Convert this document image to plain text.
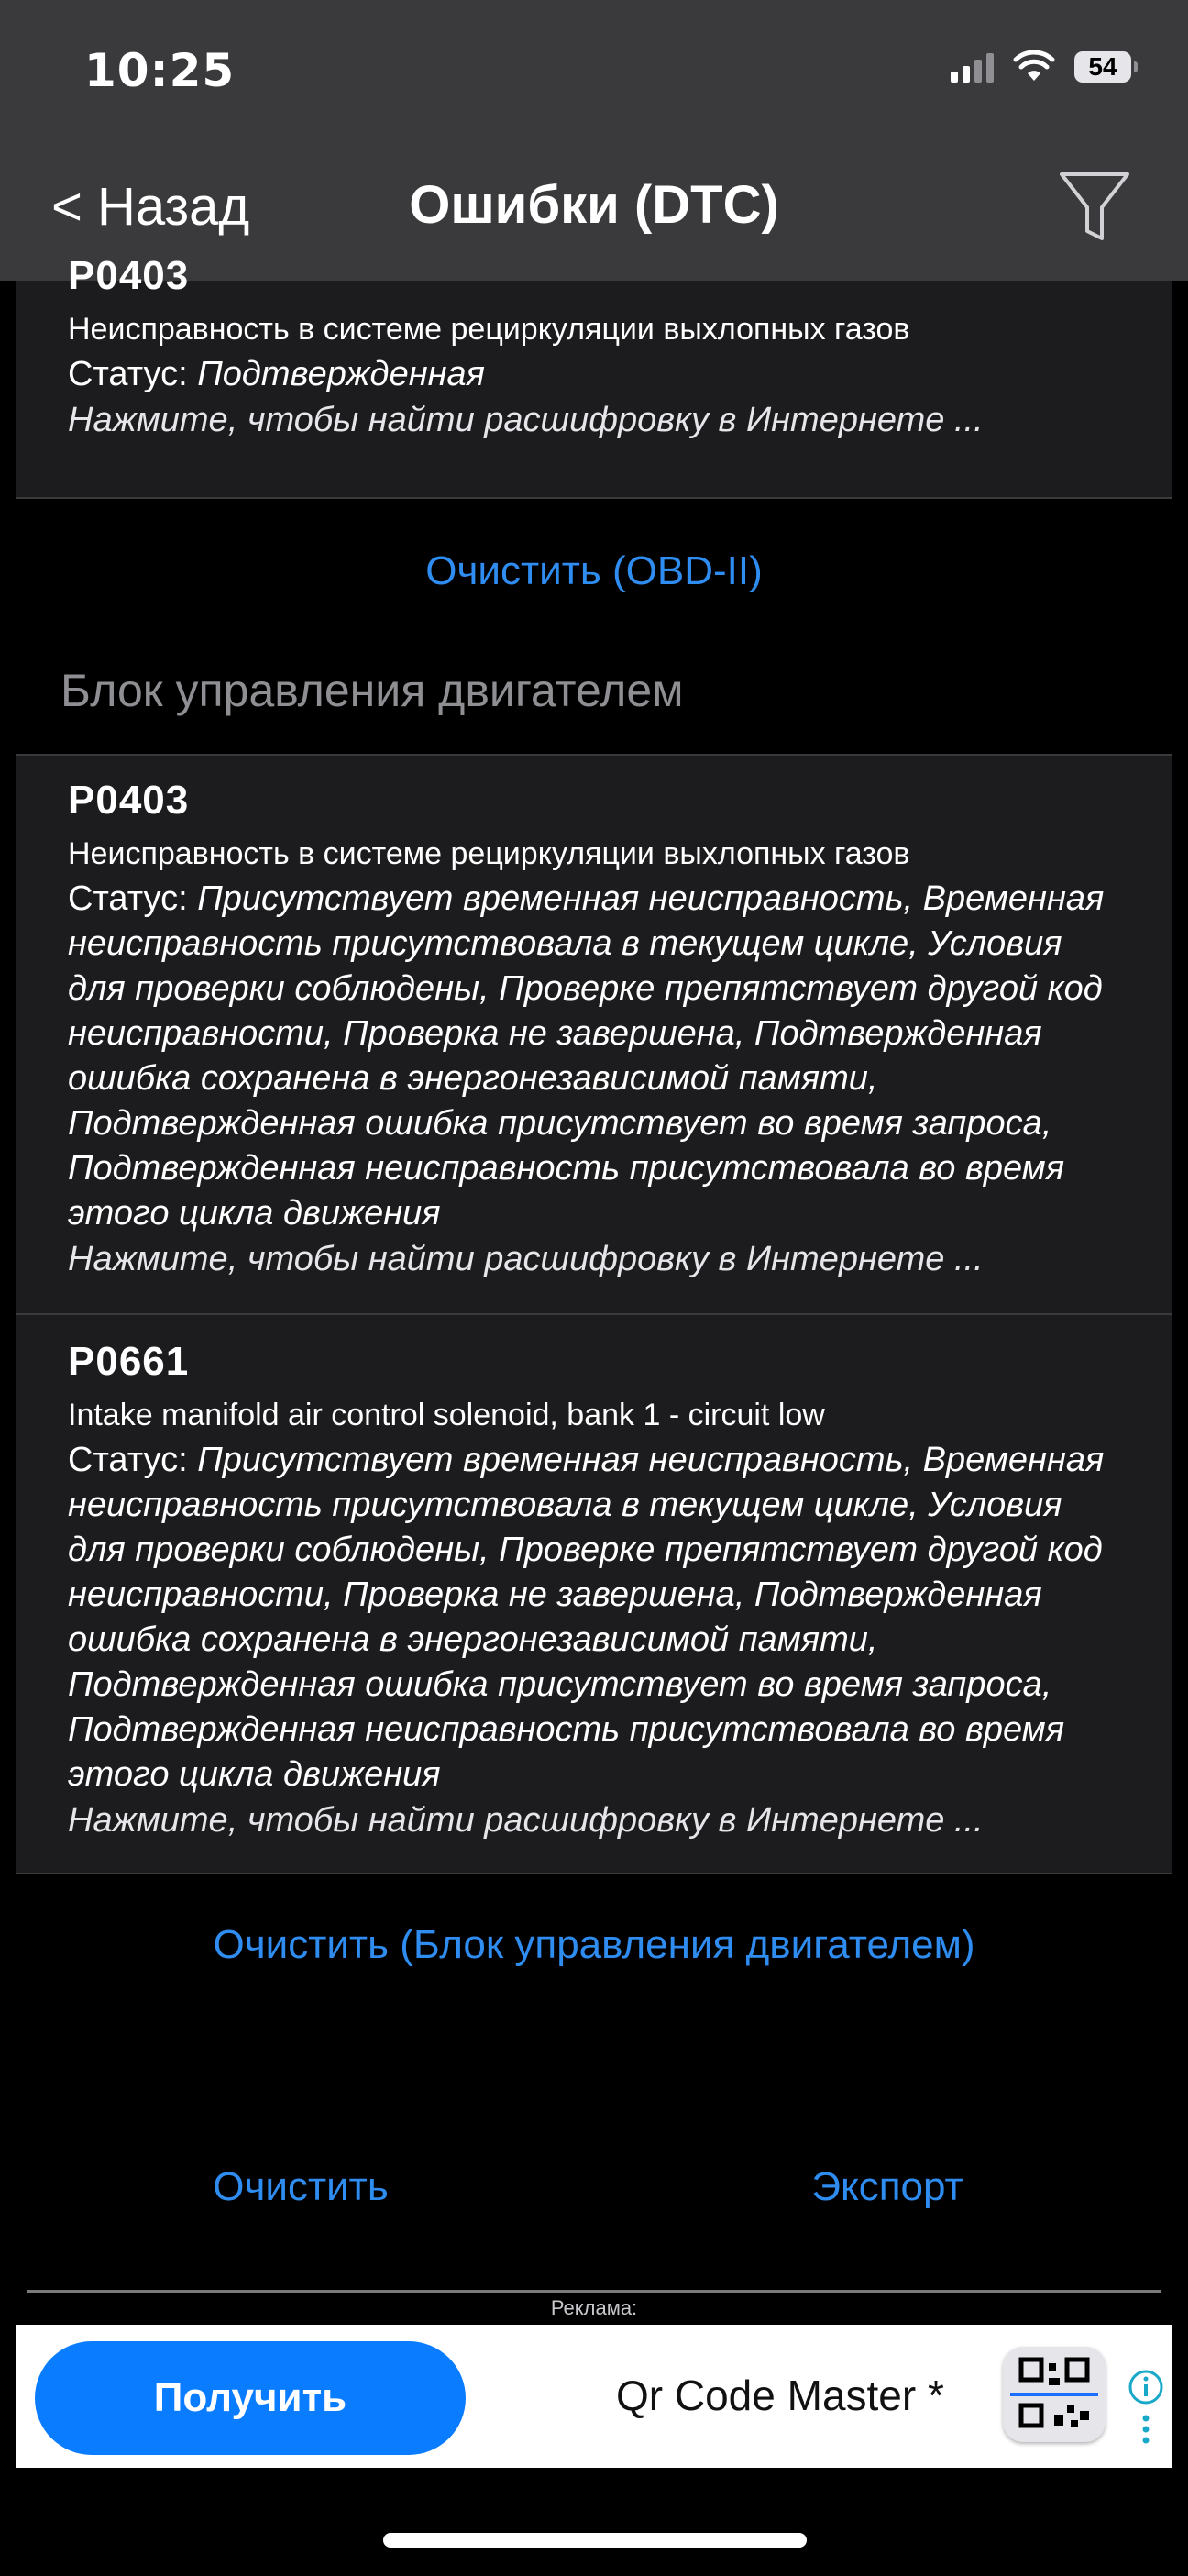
10:25	54
< Назад	Ошибки (DTC)
P0403
Неисправность в системе рециркуляции выхлопных газов
Статус: Подтвержденная
Нажмите, чтобы найти расшифровку в Интернете ...
Очистить (OBD-II)
Блок управления двигателем
P0403
Неисправность в системе рециркуляции выхлопных газов
Статус: Присутствует временная неисправность, Временная неисправность присутствовала в текущем цикле, Условия для проверки соблюдены, Проверке препятствует другой код неисправности, Проверка не завершена, Подтвержденная ошибка сохранена в энергонезависимой памяти, Подтвержденная ошибка присутствует во время запроса, Подтвержденная неисправность присутствовала во время этого цикла движения
Нажмите, чтобы найти расшифровку в Интернете ...
P0661
Intake manifold air control solenoid, bank 1 - circuit low
Статус: Присутствует временная неисправность, Временная неисправность присутствовала в текущем цикле, Условия для проверки соблюдены, Проверке препятствует другой код неисправности, Проверка не завершена, Подтвержденная ошибка сохранена в энергонезависимой памяти, Подтвержденная ошибка присутствует во время запроса, Подтвержденная неисправность присутствовала во время этого цикла движения
Нажмите, чтобы найти расшифровку в Интернете ...
Очистить (Блок управления двигателем)
Очистить	Экспорт
Реклама:
Получить	Qr Code Master *
